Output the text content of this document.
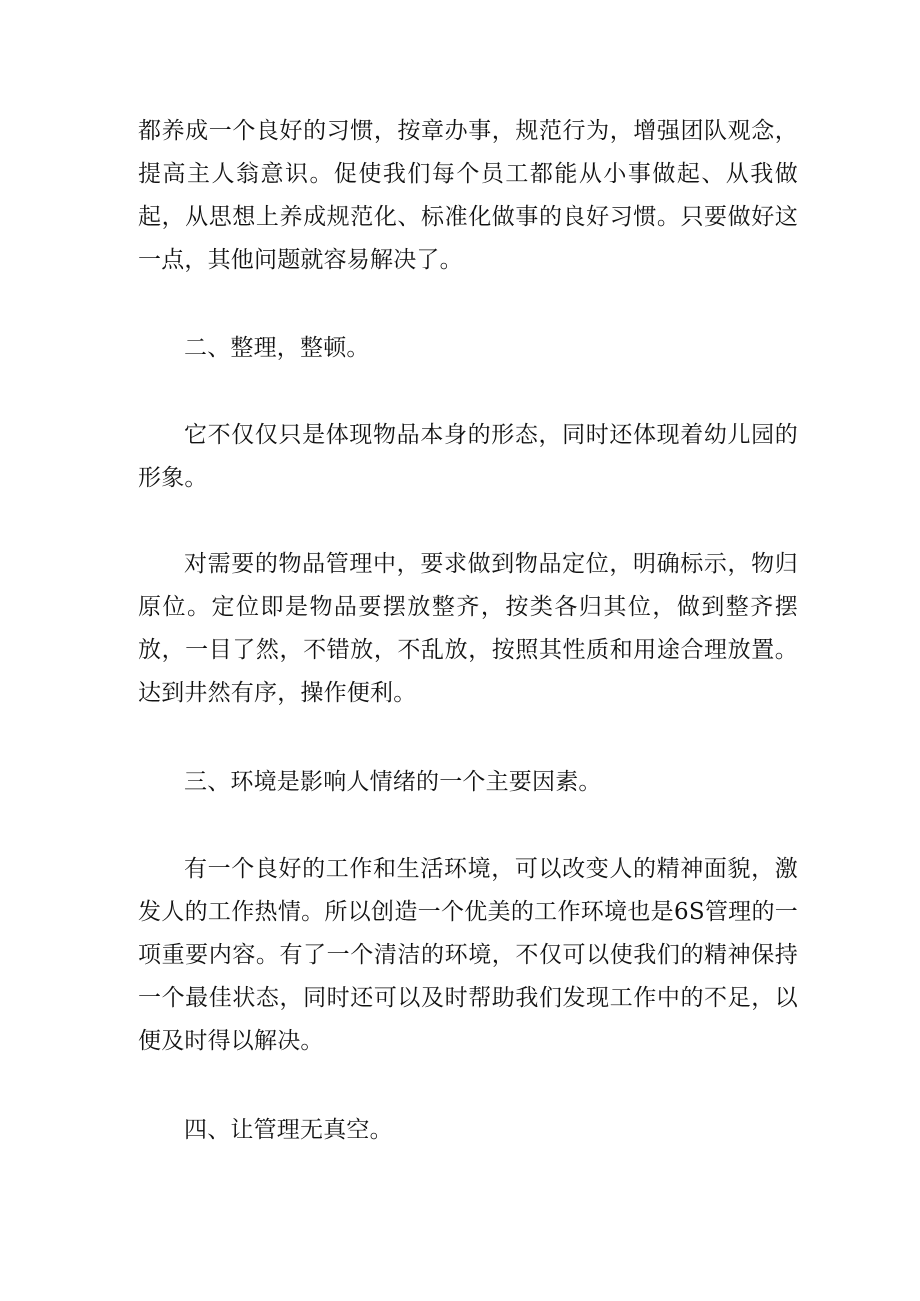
都养成一个良好的习惯，按章办事，规范行为，增强团队观念，提高主人翁意识。促使我们每个员工都能从小事做起、从我做起，从思想上养成规范化、标准化做事的良好习惯。只要做好这一点，其他问题就容易解决了。

二、整理，整顿。

它不仅仅只是体现物品本身的形态，同时还体现着幼儿园的形象。

对需要的物品管理中，要求做到物品定位，明确标示，物归原位。定位即是物品要摆放整齐，按类各归其位，做到整齐摆放，一目了然，不错放，不乱放，按照其性质和用途合理放置。达到井然有序，操作便利。

三、环境是影响人情绪的一个主要因素。

有一个良好的工作和生活环境，可以改变人的精神面貌，激发人的工作热情。所以创造一个优美的工作环境也是6S管理的一项重要内容。有了一个清洁的环境，不仅可以使我们的精神保持一个最佳状态，同时还可以及时帮助我们发现工作中的不足，以便及时得以解决。

四、让管理无真空。
